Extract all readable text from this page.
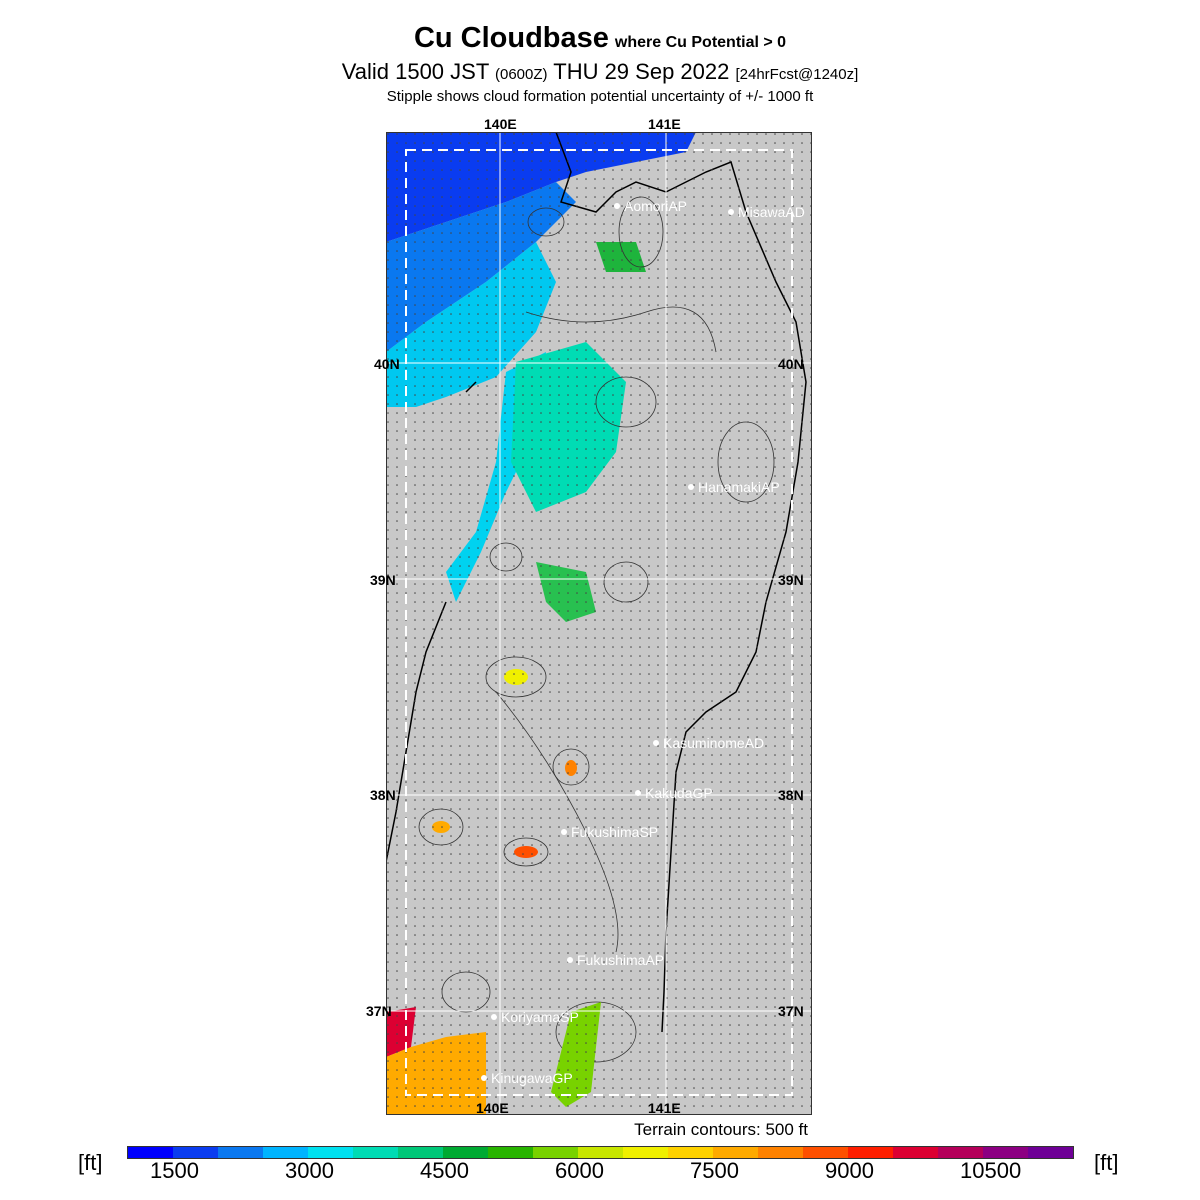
Cu Cloudbase where Cu Potential > 0
Valid 1500 JST (0600Z) THU 29 Sep 2022 [24hrFcst@1240z]
Stipple shows cloud formation potential uncertainty of +/- 1000 ft
AomoriAP	MisawaAD
HanamakiAP
KasuminomeAD
KakudaGP
FukushimaSP
FukushimaAP
KoriyamaSP
KinugawaGP
140E	141E
140E	141E
40N
39N
38N
37N
40N
39N
38N
37N
Terrain contours: 500 ft
[ft]	[ft]
1500	3000	4500	6000	7500	9000	10500
